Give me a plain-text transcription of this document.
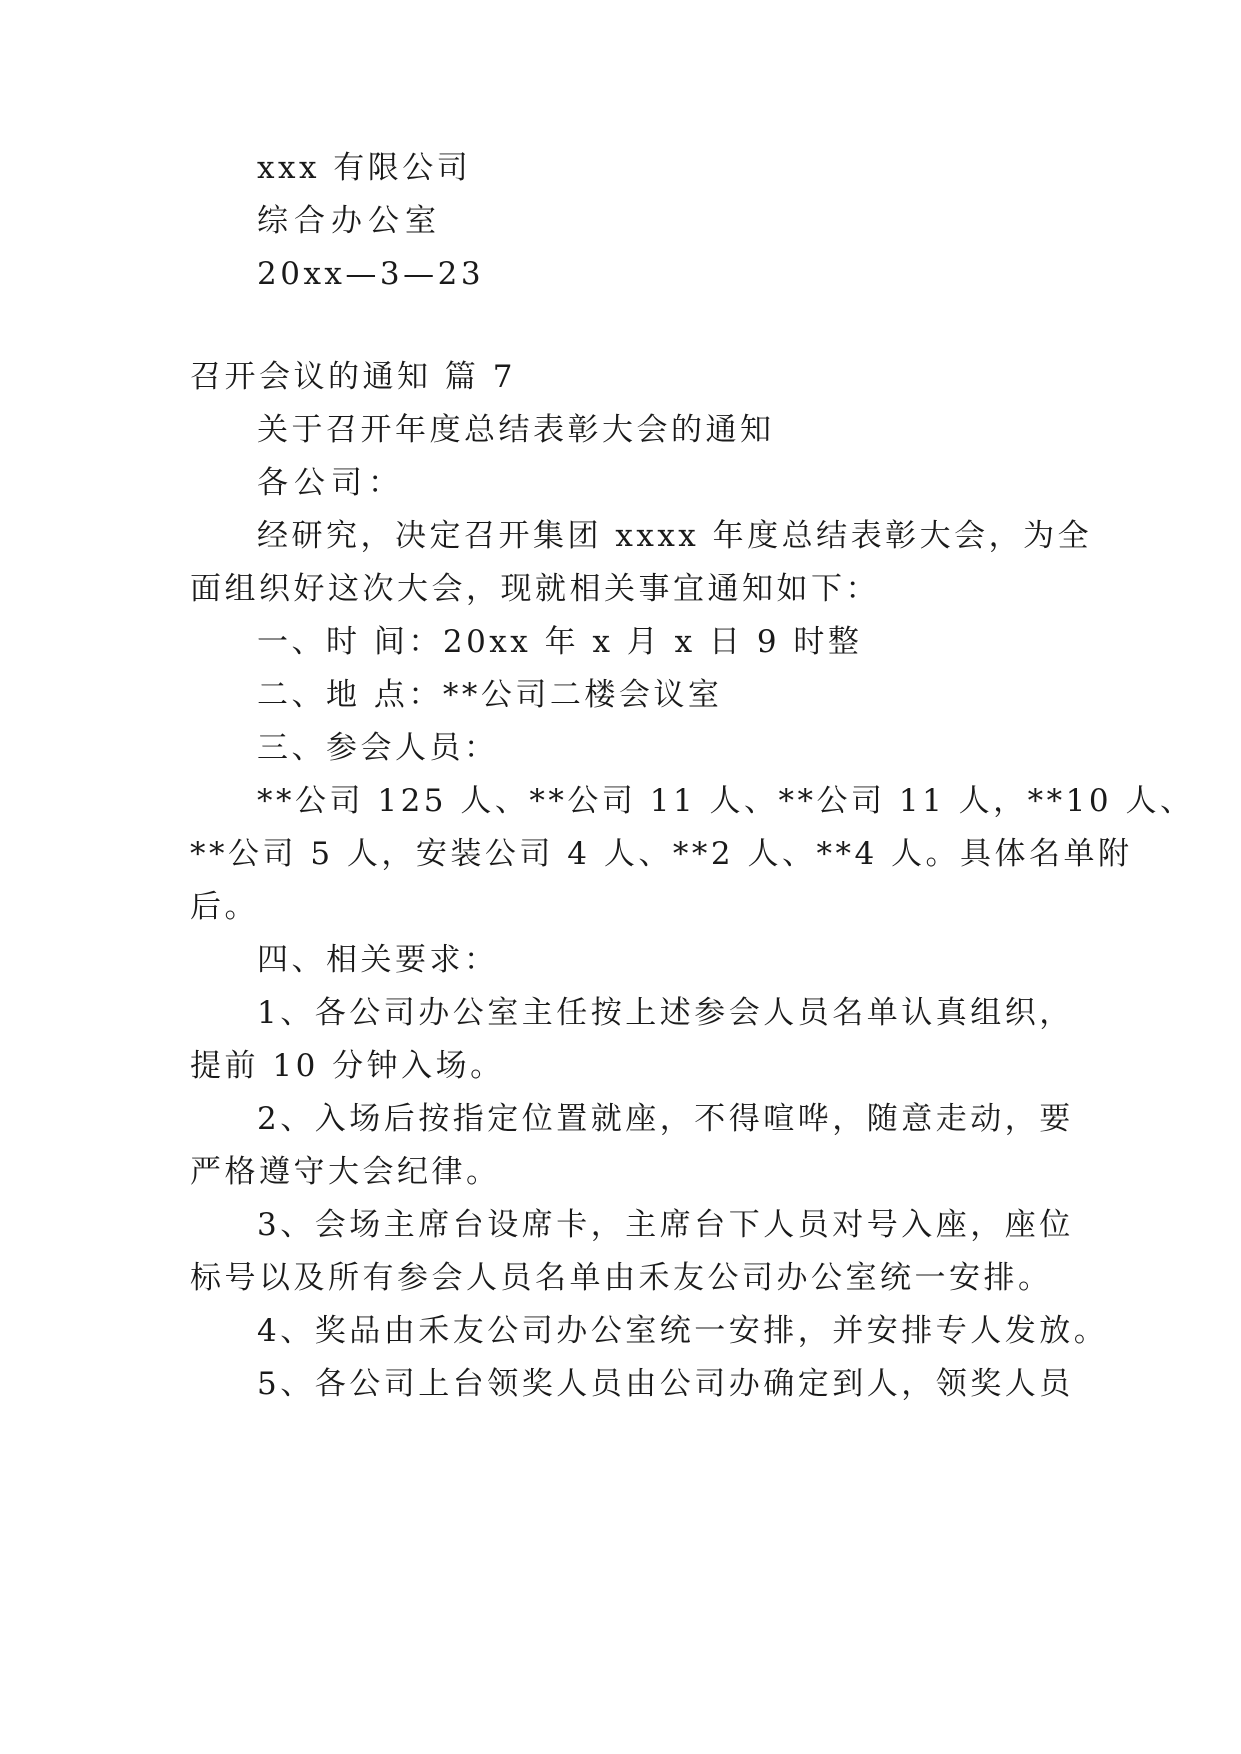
xxx 有限公司
综合办公室
20xx—3—23
召开会议的通知 篇 7
关于召开年度总结表彰大会的通知
各公司：
经研究，决定召开集团 xxxx 年度总结表彰大会，为全
面组织好这次大会，现就相关事宜通知如下：
一、时 间：20xx 年 x 月 x 日 9 时整
二、地 点：**公司二楼会议室
三、参会人员：
**公司 125 人、**公司 11 人、**公司 11 人，**10 人、
**公司 5 人，安装公司 4 人、**2 人、**4 人。具体名单附
后。
四、相关要求：
1、各公司办公室主任按上述参会人员名单认真组织，
提前 10 分钟入场。
2、入场后按指定位置就座，不得喧哗，随意走动，要
严格遵守大会纪律。
3、会场主席台设席卡，主席台下人员对号入座，座位
标号以及所有参会人员名单由禾友公司办公室统一安排。
4、奖品由禾友公司办公室统一安排，并安排专人发放。
5、各公司上台领奖人员由公司办确定到人，领奖人员
